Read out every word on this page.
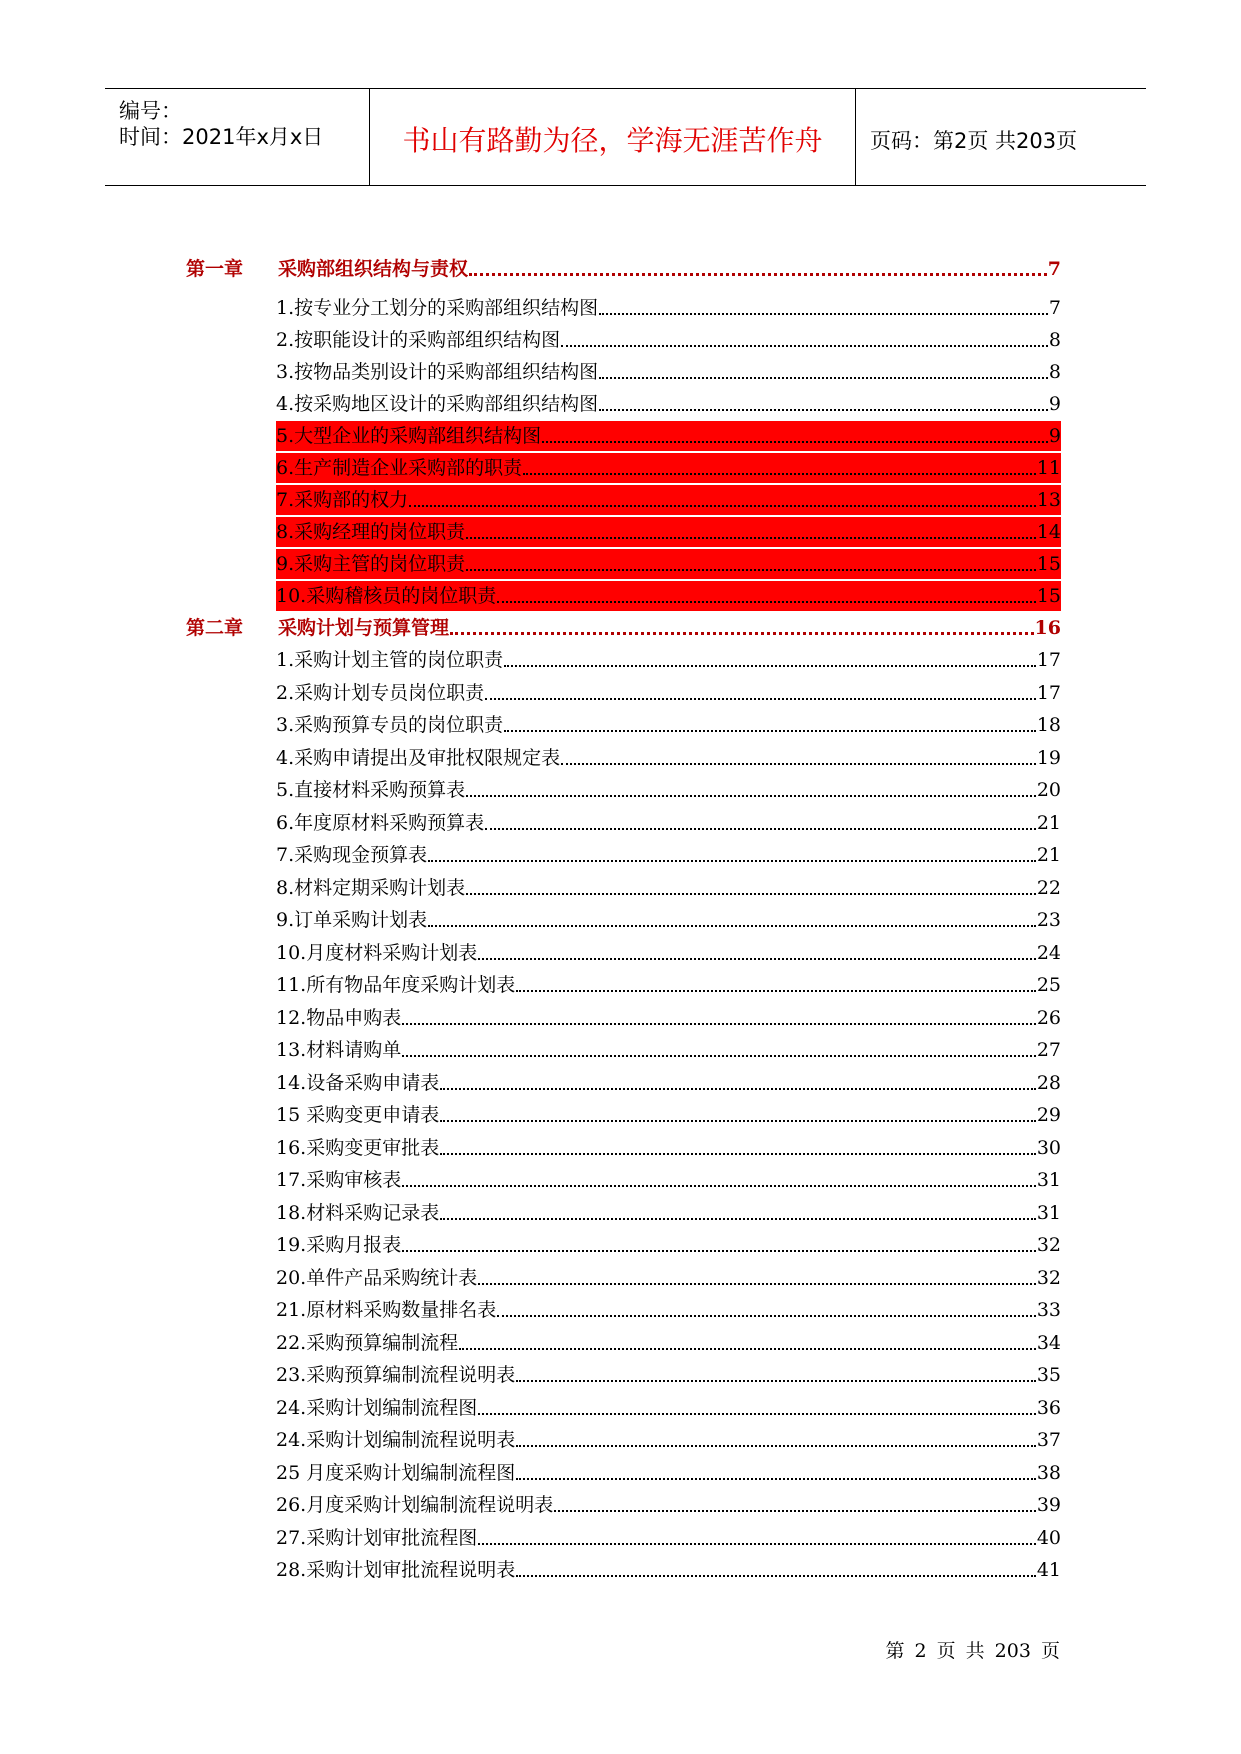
编号：
时间：2021年x月x日	书山有路勤为径，学海无涯苦作舟	页码：第2页 共203页
第一章	采购部组织结构与责权	7
1.按专业分工划分的采购部组织结构图	7
2.按职能设计的采购部组织结构图	8
3.按物品类别设计的采购部组织结构图	8
4.按采购地区设计的采购部组织结构图	9
5.大型企业的采购部组织结构图	9
6.生产制造企业采购部的职责	11
7.采购部的权力	13
8.采购经理的岗位职责	14
9.采购主管的岗位职责	15
10.采购稽核员的岗位职责	15
第二章	采购计划与预算管理	16
1.采购计划主管的岗位职责	17
2.采购计划专员岗位职责	17
3.采购预算专员的岗位职责	18
4.采购申请提出及审批权限规定表	19
5.直接材料采购预算表	20
6.年度原材料采购预算表	21
7.采购现金预算表	21
8.材料定期采购计划表	22
9.订单采购计划表	23
10.月度材料采购计划表	24
11.所有物品年度采购计划表	25
12.物品申购表	26
13.材料请购单	27
14.设备采购申请表	28
15 采购变更申请表	29
16.采购变更审批表	30
17.采购审核表	31
18.材料采购记录表	31
19.采购月报表	32
20.单件产品采购统计表	32
21.原材料采购数量排名表	33
22.采购预算编制流程	34
23.采购预算编制流程说明表	35
24.采购计划编制流程图	36
24.采购计划编制流程说明表	37
25 月度采购计划编制流程图	38
26.月度采购计划编制流程说明表	39
27.采购计划审批流程图	40
28.采购计划审批流程说明表	41
第 2 页 共 203 页
